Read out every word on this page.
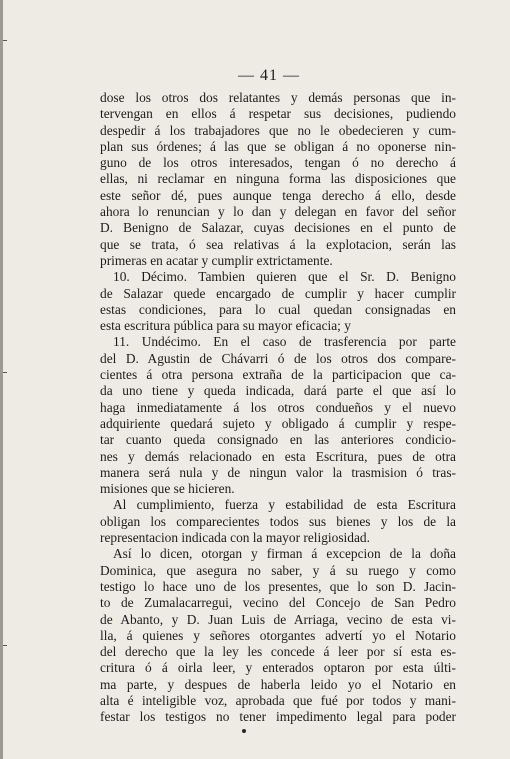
— 41 —

dose los otros dos relatantes y demás personas que in-

tervengan en ellos á respetar sus decisiones, pudiendo

despedir á los trabajadores que no le obedecieren y cum-

plan sus órdenes; á las que se obligan á no oponerse nin-

guno de los otros interesados, tengan ó no derecho á

ellas, ni reclamar en ninguna forma las disposiciones que

este señor dé, pues aunque tenga derecho á ello, desde

ahora lo renuncian y lo dan y delegan en favor del señor

D. Benigno de Salazar, cuyas decisiones en el punto de

que se trata, ó sea relativas á la explotacion, serán las

primeras en acatar y cumplir extrictamente.

10. Décimo. Tambien quieren que el Sr. D. Benigno

de Salazar quede encargado de cumplir y hacer cumplir

estas condiciones, para lo cual quedan consignadas en

esta escritura pública para su mayor eficacia; y

11. Undécimo. En el caso de trasferencia por parte

del D. Agustin de Chávarri ó de los otros dos compare-

cientes á otra persona extraña de la participacion que ca-

da uno tiene y queda indicada, dará parte el que así lo

haga inmediatamente á los otros condueños y el nuevo

adquiriente quedará sujeto y obligado á cumplir y respe-

tar cuanto queda consignado en las anteriores condicio-

nes y demás relacionado en esta Escritura, pues de otra

manera será nula y de ningun valor la trasmision ó tras-

misiones que se hicieren.

Al cumplimiento, fuerza y estabilidad de esta Escritura

obligan los comparecientes todos sus bienes y los de la

representacion indicada con la mayor religiosidad.

Así lo dicen, otorgan y firman á excepcion de la doña

Dominica, que asegura no saber, y á su ruego y como

testigo lo hace uno de los presentes, que lo son D. Jacin-

to de Zumalacarregui, vecino del Concejo de San Pedro

de Abanto, y D. Juan Luis de Arriaga, vecino de esta vi-

lla, á quienes y señores otorgantes advertí yo el Notario

del derecho que la ley les concede á leer por sí esta es-

critura ó á oirla leer, y enterados optaron por esta últi-

ma parte, y despues de haberla leido yo el Notario en

alta é inteligible voz, aprobada que fué por todos y mani-

festar los testigos no tener impedimento legal para poder
